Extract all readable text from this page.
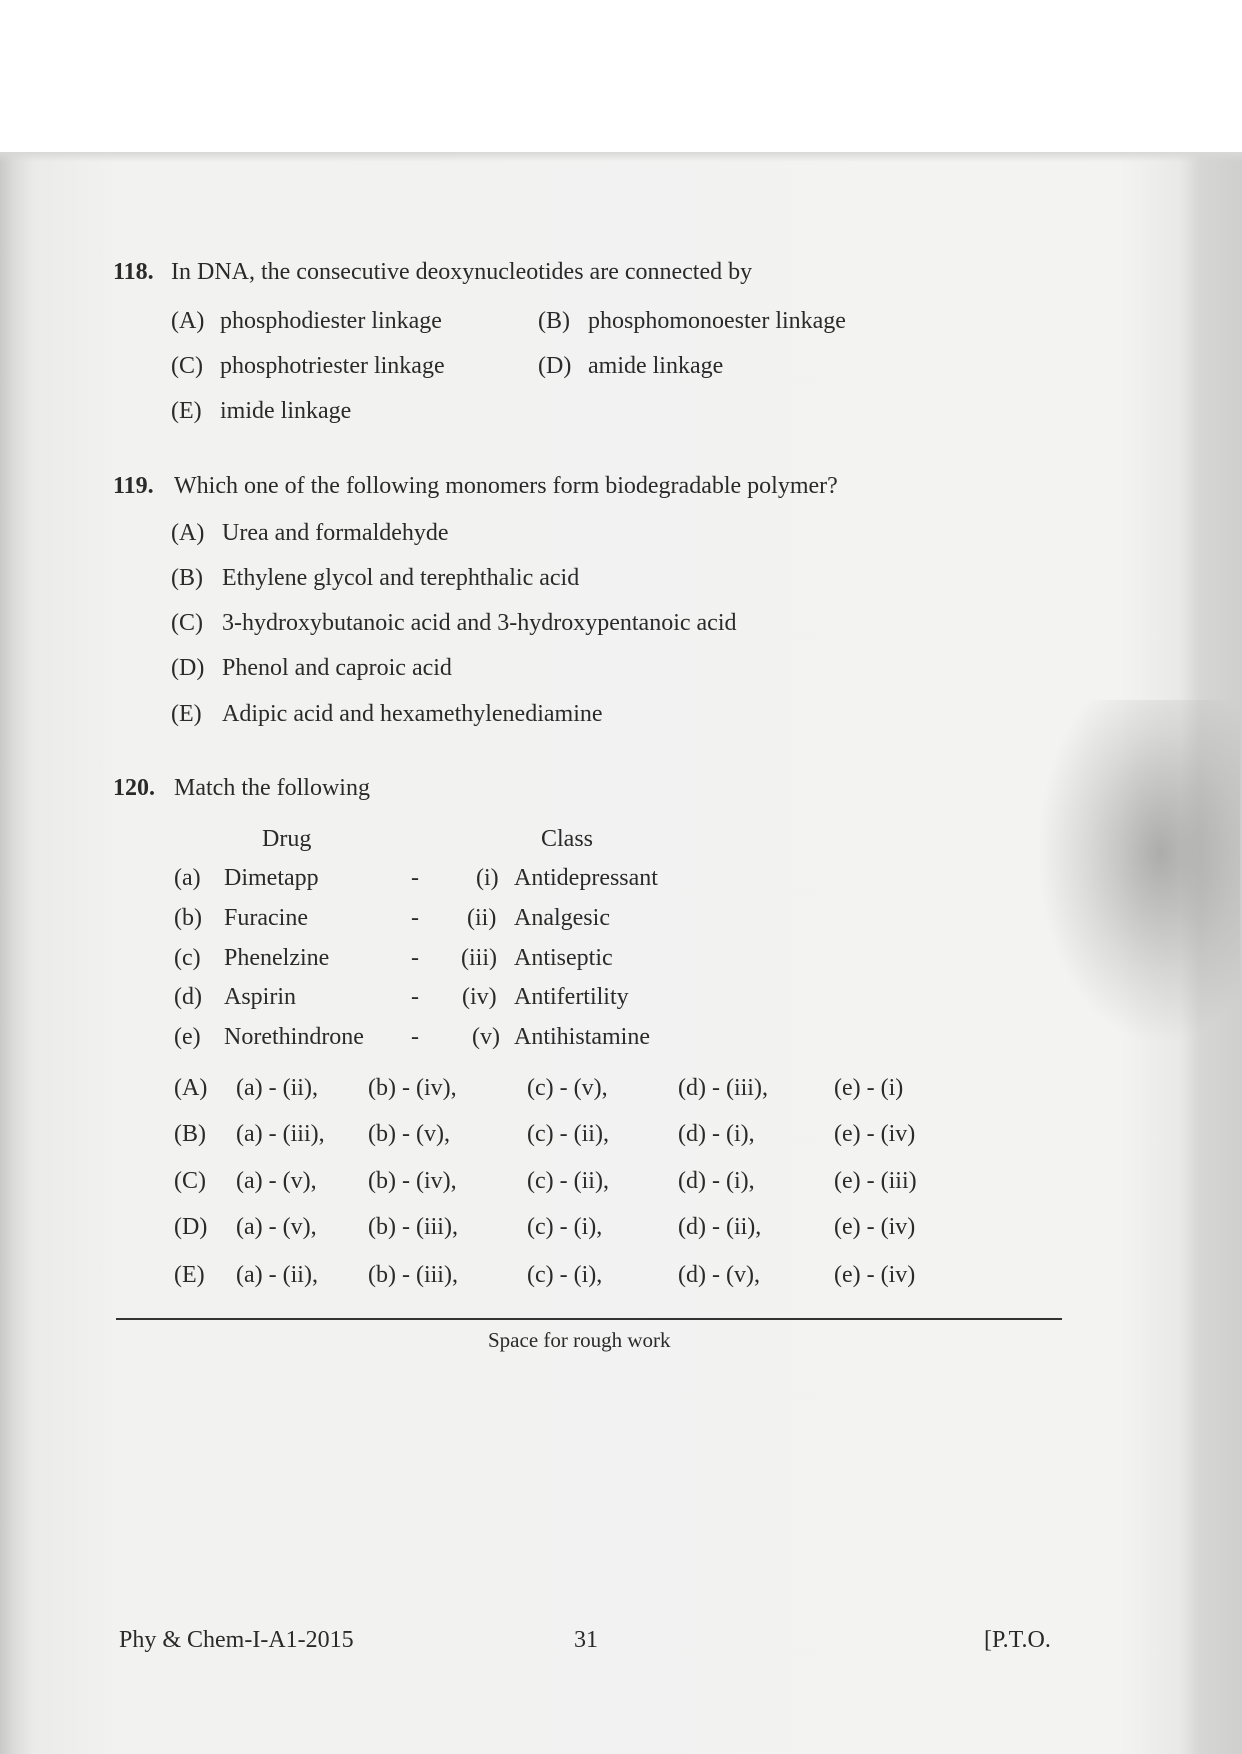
118. In DNA, the consecutive deoxynucleotides are connected by
(A) phosphodiester linkage	(B) phosphomonoester linkage
(C) phosphotriester linkage	(D) amide linkage
(E) imide linkage
119. Which one of the following monomers form biodegradable polymer?
(A) Urea and formaldehyde
(B) Ethylene glycol and terephthalic acid
(C) 3-hydroxybutanoic acid and 3-hydroxypentanoic acid
(D) Phenol and caproic acid
(E) Adipic acid and hexamethylenediamine
120. Match the following
Drug	Class
(a) Dimetapp	- (i) Antidepressant
(b) Furacine	- (ii) Analgesic
(c) Phenelzine	- (iii) Antiseptic
(d) Aspirin	- (iv) Antifertility
(e) Norethindrone - (v) Antihistamine
(A) (a) - (ii), (b) - (iv),	(c) - (v),	(d) - (iii),	(e) - (i)
(B) (a) - (iii), (b) - (v),	(c) - (ii),	(d) - (i),	(e) - (iv)
(C) (a) - (v), (b) - (iv),	(c) - (ii),	(d) - (i),	(e) - (iii)
(D) (a) - (v), (b) - (iii),	(c) - (i),	(d) - (ii),	(e) - (iv)
(E) (a) - (ii), (b) - (iii),	(c) - (i),	(d) - (v),	(e) - (iv)
Space for rough work
Phy & Chem-I-A1-2015	31	[P.T.O.
